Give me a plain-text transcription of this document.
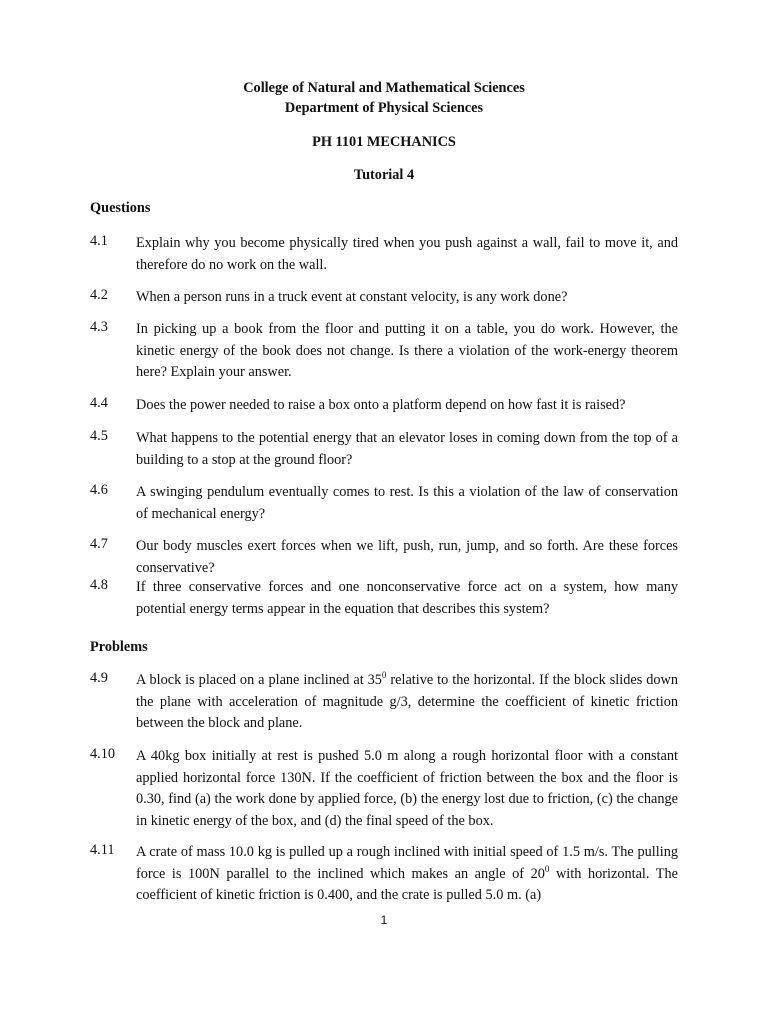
College of Natural and Mathematical Sciences
Department of Physical Sciences
PH 1101 MECHANICS
Tutorial 4
Questions
4.1	Explain why you become physically tired when you push against a wall, fail to move it, and therefore do no work on the wall.
4.2	When a person runs in a truck event at constant velocity, is any work done?
4.3	In picking up a book from the floor and putting it on a table, you do work. However, the kinetic energy of the book does not change. Is there a violation of the work-energy theorem here? Explain your answer.
4.4	Does the power needed to raise a box onto a platform depend on how fast it is raised?
4.5	What happens to the potential energy that an elevator loses in coming down from the top of a building to a stop at the ground floor?
4.6	A swinging pendulum eventually comes to rest. Is this a violation of the law of conservation of mechanical energy?
4.7	Our body muscles exert forces when we lift, push, run, jump, and so forth. Are these forces conservative?
4.8	If three conservative forces and one nonconservative force act on a system, how many potential energy terms appear in the equation that describes this system?
Problems
4.9	A block is placed on a plane inclined at $35^0$ relative to the horizontal. If the block slides down the plane with acceleration of magnitude g/3, determine the coefficient of kinetic friction between the block and plane.
4.10	A 40kg box initially at rest is pushed 5.0 m along a rough horizontal floor with a constant applied horizontal force 130N. If the coefficient of friction between the box and the floor is 0.30, find (a) the work done by applied force, (b) the energy lost due to friction, (c) the change in kinetic energy of the box, and (d) the final speed of the box.
4.11	A crate of mass 10.0 kg is pulled up a rough inclined with initial speed of 1.5 m/s. The pulling force is 100N parallel to the inclined which makes an angle of $20^0$ with horizontal. The coefficient of kinetic friction is 0.400, and the crate is pulled 5.0 m. (a)
1
